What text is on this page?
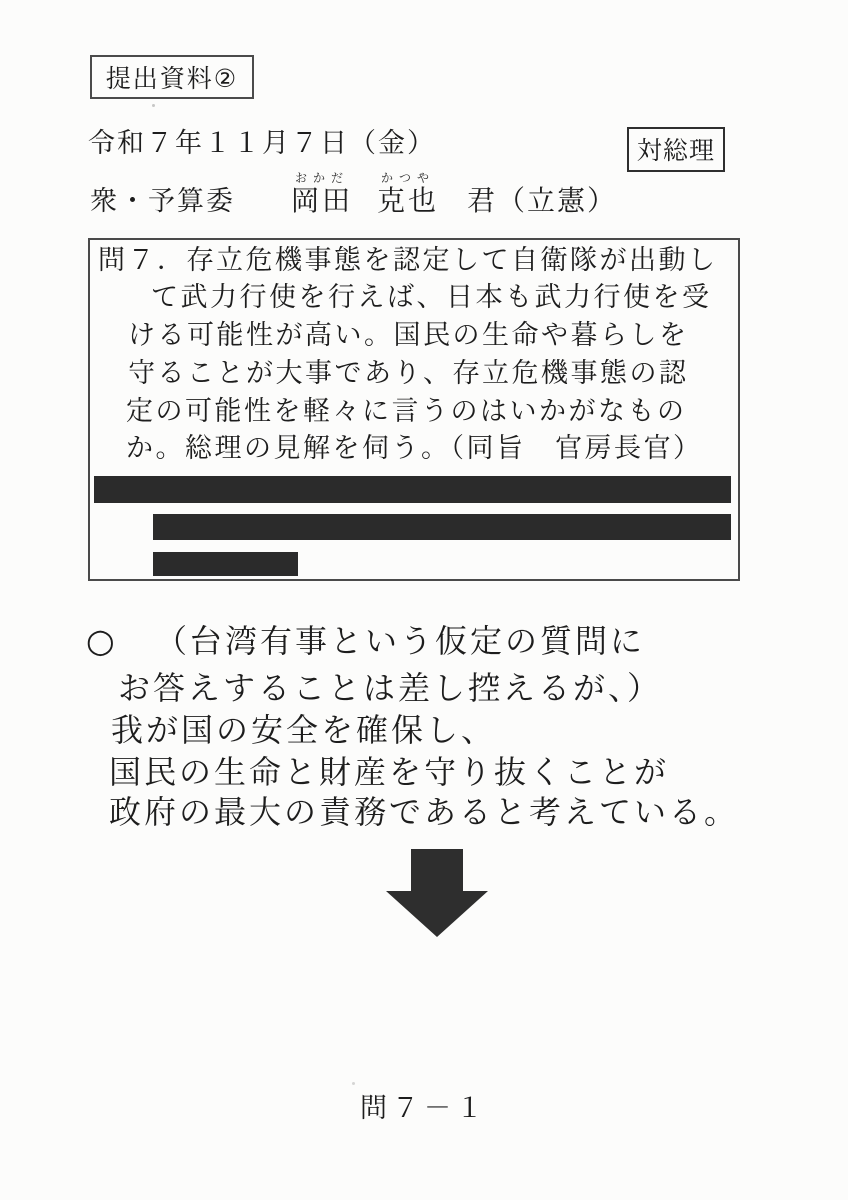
提出資料②
令和７年１１月７日（金）	対総理
衆・予算委
おかだ
岡田
かつや
克也 君（立憲）
問７．存立危機事態を認定して自衛隊が出動し
て武力行使を行えば、日本も武力行使を受
ける可能性が高い。国民の生命や暮らしを
守ることが大事であり、存立危機事態の認
定の可能性を軽々に言うのはいかがなもの
か。総理の見解を伺う。（同旨　官房長官）
○ （台湾有事という仮定の質問に
お答えすることは差し控えるが、）
我が国の安全を確保し、
国民の生命と財産を守り抜くことが
政府の最大の責務であると考えている。
問７－１
